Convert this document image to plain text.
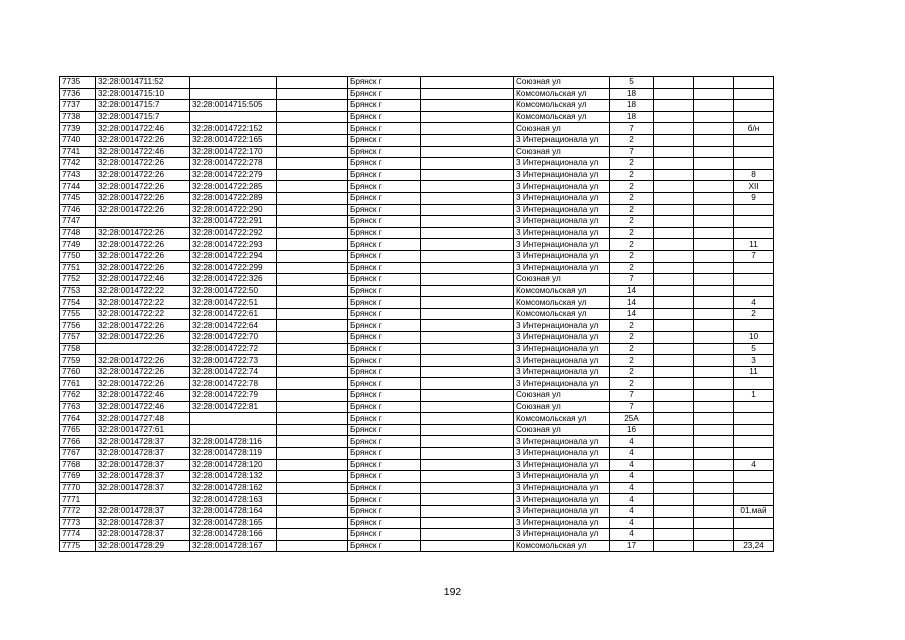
7735	32:28:0014711:52			Брянск г		Союзная ул	5			
7736	32:28:0014715:10			Брянск г		Комсомольская ул	18			
7737	32:28:0014715:7	32:28:0014715:505		Брянск г		Комсомольская ул	18			
7738	32:28:0014715:7			Брянск г		Комсомольская ул	18			
7739	32:28:0014722:46	32:28:0014722:152		Брянск г		Союзная ул	7			б/н
7740	32:28:0014722:26	32:28:0014722:165		Брянск г		3 Интернационала ул	2			
7741	32:28:0014722:46	32:28:0014722:170		Брянск г		Союзная ул	7			
7742	32:28:0014722:26	32:28:0014722:278		Брянск г		3 Интернационала ул	2			
7743	32:28:0014722:26	32:28:0014722:279		Брянск г		3 Интернационала ул	2			8
7744	32:28:0014722:26	32:28:0014722:285		Брянск г		3 Интернационала ул	2			XII
7745	32:28:0014722:26	32:28:0014722:289		Брянск г		3 Интернационала ул	2			9
7746	32:28:0014722:26	32:28:0014722:290		Брянск г		3 Интернационала ул	2			
7747		32:28:0014722:291		Брянск г		3 Интернационала ул	2			
7748	32:28:0014722:26	32:28:0014722:292		Брянск г		3 Интернационала ул	2			
7749	32:28:0014722:26	32:28:0014722:293		Брянск г		3 Интернационала ул	2			11
7750	32:28:0014722:26	32:28:0014722:294		Брянск г		3 Интернационала ул	2			7
7751	32:28:0014722:26	32:28:0014722:299		Брянск г		3 Интернационала ул	2			
7752	32:28:0014722:46	32:28:0014722:326		Брянск г		Союзная ул	7			
7753	32:28:0014722:22	32:28:0014722:50		Брянск г		Комсомольская ул	14			
7754	32:28:0014722:22	32:28:0014722:51		Брянск г		Комсомольская ул	14			4
7755	32:28:0014722:22	32:28:0014722:61		Брянск г		Комсомольская ул	14			2
7756	32:28:0014722:26	32:28:0014722:64		Брянск г		3 Интернационала ул	2			
7757	32:28:0014722:26	32:28:0014722:70		Брянск г		3 Интернационала ул	2			10
7758		32:28:0014722:72		Брянск г		3 Интернационала ул	2			5
7759	32:28:0014722:26	32:28:0014722:73		Брянск г		3 Интернационала ул	2			3
7760	32:28:0014722:26	32:28:0014722:74		Брянск г		3 Интернационала ул	2			11
7761	32:28:0014722:26	32:28:0014722:78		Брянск г		3 Интернационала ул	2			
7762	32:28:0014722:46	32:28:0014722:79		Брянск г		Союзная ул	7			1
7763	32:28:0014722:46	32:28:0014722:81		Брянск г		Союзная ул	7			
7764	32:28:0014727:48			Брянск г		Комсомольская ул	25А			
7765	32:28:0014727:61			Брянск г		Союзная ул	16			
7766	32:28:0014728:37	32:28:0014728:116		Брянск г		3 Интернационала ул	4			
7767	32:28:0014728:37	32:28:0014728:119		Брянск г		3 Интернационала ул	4			
7768	32:28:0014728:37	32:28:0014728:120		Брянск г		3 Интернационала ул	4			4
7769	32:28:0014728:37	32:28:0014728:132		Брянск г		3 Интернационала ул	4			
7770	32:28:0014728:37	32:28:0014728:162		Брянск г		3 Интернационала ул	4			
7771		32:28:0014728:163		Брянск г		3 Интернационала ул	4			
7772	32:28:0014728:37	32:28:0014728:164		Брянск г		3 Интернационала ул	4			01.май
7773	32:28:0014728:37	32:28:0014728:165		Брянск г		3 Интернационала ул	4			
7774	32:28:0014728:37	32:28:0014728:166		Брянск г		3 Интернационала ул	4			
7775	32:28:0014728:29	32:28:0014728:167		Брянск г		Комсомольская ул	17			23,24
192
